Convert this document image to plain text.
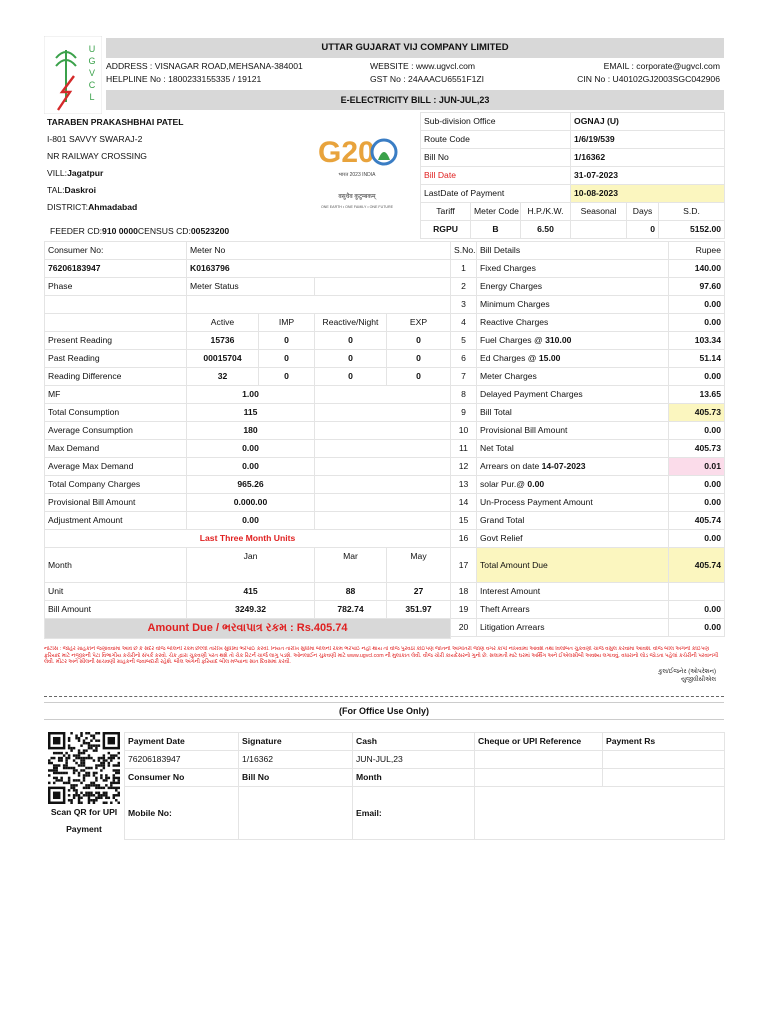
U G V C L
UTTAR GUJARAT VIJ COMPANY LIMITED
ADDRESS : VISNAGAR ROAD,MEHSANA-384001	WEBSITE : www.ugvcl.com	EMAIL : corporate@ugvcl.com
HELPLINE No : 1800233155335 / 19121	GST No : 24AAACU6551F1ZI	CIN No : U40102GJ2003SGC042906
E-ELECTRICITY BILL : JUN-JUL,23
TARABEN PRAKASHBHAI PATEL
I-801 SAVVY SWARAJ-2
NR RAILWAY CROSSING
VILL:Jagatpur
TAL:Daskroi
DISTRICT:Ahmadabad
G20
भारत 2023 INDIA
वसुधैव कुटुम्बकम्
ONE EARTH • ONE FAMILY • ONE FUTURE
Sub-division Office			OGNAJ (U)		
Route Code			1/6/19/539		
Bill No			1/16362		
Bill Date			31-07-2023		
LastDate of Payment			10-08-2023		
Tariff	Meter Code	H.P./K.W.	Seasonal	Days	S.D.
RGPU	B	6.50		0	5152.00
FEEDER CD:910 0000CENSUS CD:00523200
Consumer No:	Meter No			
76206183947	K0163796			
Phase	Meter Status			

	Active	IMP	Reactive/Night	EXP
Present Reading	15736	0	0	0
Past Reading	00015704	0	0	0
Reading Difference	32	0	0	0
MF	1.00			
Total Consumption	115			
Average Consumption	180			
Max Demand	0.00			
Average Max Demand	0.00			
Total Company Charges	965.26			
Provisional Bill Amount	0.000.00			
Adjustment Amount	0.00			
Last Three Month Units				
Month	Jan		Mar	May
Unit	415		88	27
Bill Amount	3249.32		782.74	351.97
Amount Due / ભરવાપાત્ર રકમ : Rs.405.74				
S.No.	Bill Details	Rupee
1	Fixed Charges	140.00
2	Energy Charges	97.60
3	Minimum Charges	0.00
4	Reactive Charges	0.00
5	Fuel Charges @ 310.00	103.34
6	Ed Charges @ 15.00	51.14
7	Meter Charges	0.00
8	Delayed Payment Charges	13.65
9	Bill Total	405.73
10	Provisional Bill Amount	0.00
11	Net Total	405.73
12	Arrears on date 14-07-2023	0.01
13	solar Pur.@ 0.00	0.00
14	Un-Process Payment Amount	0.00
15	Grand Total	405.74
16	Govt Relief	0.00
17	Total Amount Due	405.74
18	Interest Amount	
19	Theft Arrears	0.00
20	Litigation Arrears	0.00
નોટીસ : જાહેર ગ્રાહકોને જણાવવામાં આવે છે કે સદર વીજ બીલની રકમ છેલ્લી તારીખ સુધીમાં ભરપાઈ કરવી. નિયત તારીખ સુધીમાં બીલની રકમ ભરપાઈ નહીં થાય તો વીજ પુરવઠો કોઈપણ જાતની આગોતરી જાણ વગર કાપી નાખવામાં આવશે તથા વિલંબિત ચુકવણી ચાર્જ વસુલ કરવામાં આવશે. વીજ બીલ અંગેની કોઈપણ ફરિયાદ માટે નજીકની પેટા વિભાગીય કચેરીનો સંપર્ક કરવો. ચેક દ્વારા ચુકવણી પરત થશે તો ચેક રિટર્ન ચાર્જ લાગુ પડશે. ઓનલાઈન ચુકવણી માટે www.ugvcl.com ની મુલાકાત લેવી. વીજ ચોરી કાયદેસરનો ગુનો છે. સલામતી માટે ઘરમાં અર્થિંગ અને ઈએલસીબી અવશ્ય લગાવવું. વધારાનો લોડ જોડતા પહેલાં કચેરીની પરવાનગી લેવી. મીટર અને સીલની સાચવણી ગ્રાહકની જવાબદારી રહેશે. બીલ અંગેની ફરિયાદ બીલ મળ્યાના સાત દિવસમાં કરવી.
કુલ/ઈજનેર (ઓપરેશન)
યુજીવીસીએલ
(For Office Use Only)
Scan QR for UPI Payment
Payment Date	Signature	Cash	Cheque or UPI Reference	Payment Rs
76206183947	1/16362	JUN-JUL,23		
Consumer No	Bill No	Month		
Mobile No:		Email:		
